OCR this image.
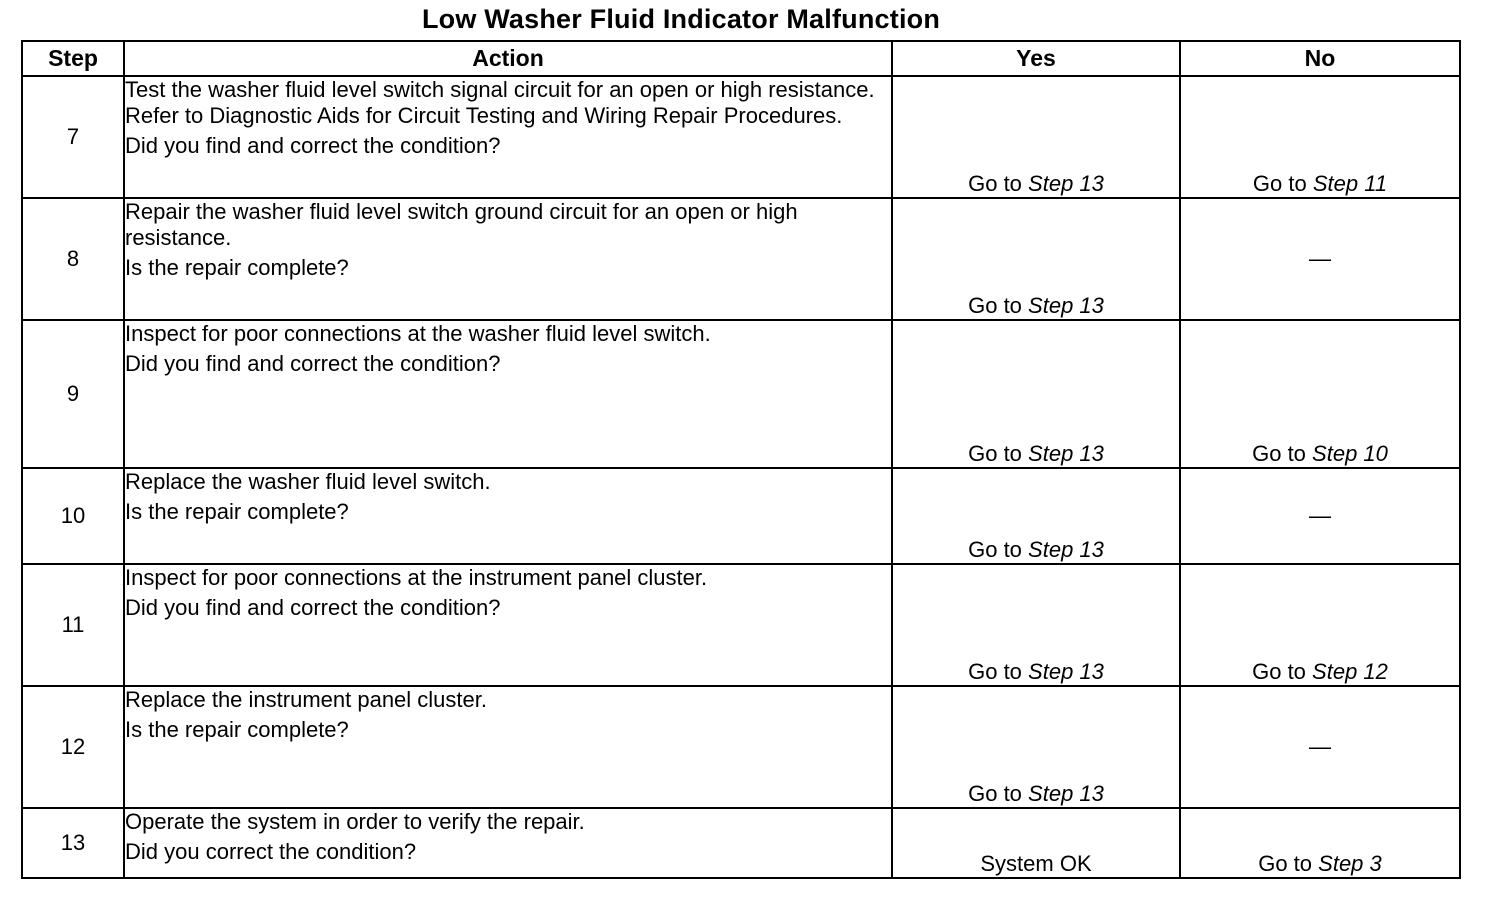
Low Washer Fluid Indicator Malfunction
Step	Action	Yes	No
7	Test the washer fluid level switch signal circuit for an open or high resistance. Refer to Diagnostic Aids for Circuit Testing and Wiring Repair Procedures.

Did you find and correct the condition?	Go to Step 13	Go to Step 11
8	Repair the washer fluid level switch ground circuit for an open or high resistance.

Is the repair complete?	Go to Step 13	—
9	Inspect for poor connections at the washer fluid level switch.

Did you find and correct the condition?	Go to Step 13	Go to Step 10
10	Replace the washer fluid level switch.

Is the repair complete?	Go to Step 13	—
11	Inspect for poor connections at the instrument panel cluster.

Did you find and correct the condition?	Go to Step 13	Go to Step 12
12	Replace the instrument panel cluster.

Is the repair complete?	Go to Step 13	—
13	Operate the system in order to verify the repair.

Did you correct the condition?	System OK	Go to Step 3
